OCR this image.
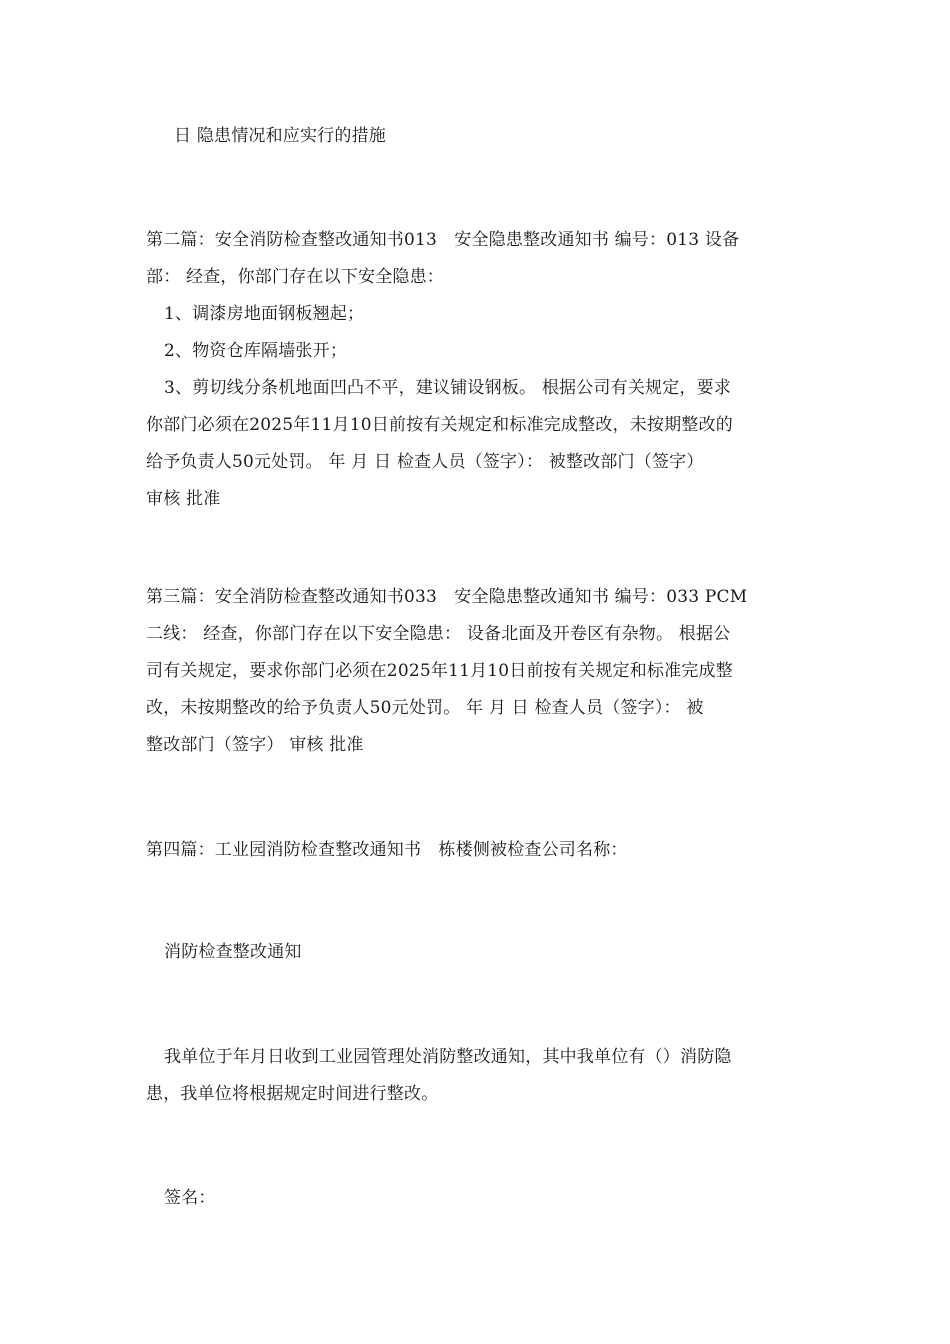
日 隐患情况和应实行的措施
第二篇：安全消防检查整改通知书013　安全隐患整改通知书 编号：013 设备
部： 经查，你部门存在以下安全隐患：
1、调漆房地面钢板翘起；
2、物资仓库隔墙张开；
3、剪切线分条机地面凹凸不平，建议铺设钢板。 根据公司有关规定，要求
你部门必须在2025年11月10日前按有关规定和标准完成整改，未按期整改的
给予负责人50元处罚。 年 月 日 检查人员（签字）： 被整改部门（签字）
审核 批准
第三篇：安全消防检查整改通知书033　安全隐患整改通知书 编号：033 PCM
二线： 经查，你部门存在以下安全隐患： 设备北面及开卷区有杂物。 根据公
司有关规定，要求你部门必须在2025年11月10日前按有关规定和标准完成整
改，未按期整改的给予负责人50元处罚。 年 月 日 检查人员（签字）： 被
整改部门（签字） 审核 批准
第四篇：工业园消防检查整改通知书　栋楼侧被检查公司名称：
消防检查整改通知
我单位于年月日收到工业园管理处消防整改通知，其中我单位有（）消防隐
患，我单位将根据规定时间进行整改。
签名：
